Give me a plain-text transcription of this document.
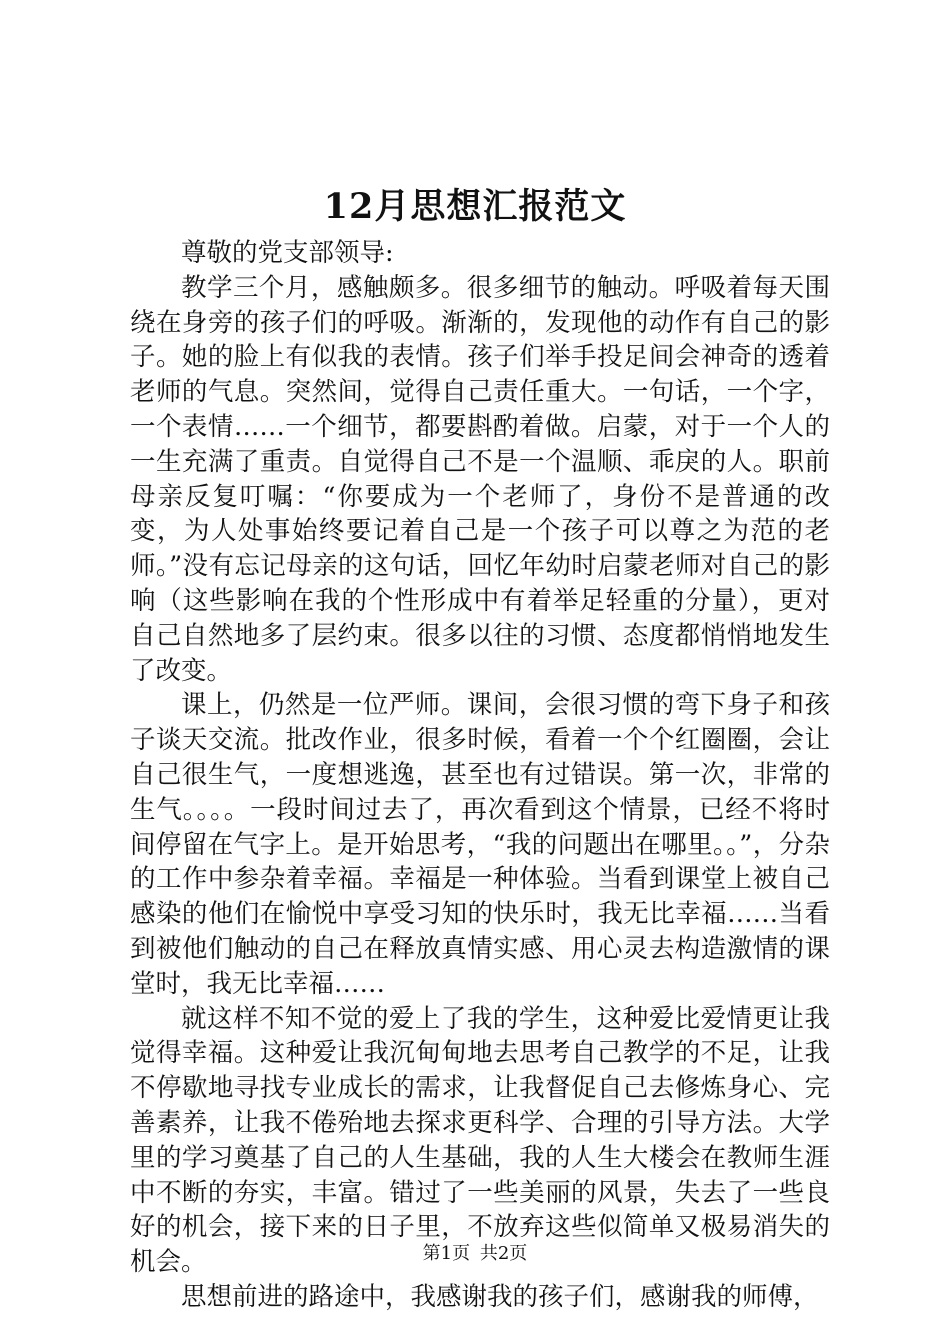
12月思想汇报范文

尊敬的党支部领导:

教学三个月，感触颇多。很多细节的触动。呼吸着每天围绕在身旁的孩子们的呼吸。渐渐的，发现他的动作有自己的影子。她的脸上有似我的表情。孩子们举手投足间会神奇的透着老师的气息。突然间，觉得自己责任重大。一句话，一个字，一个表情……一个细节，都要斟酌着做。启蒙，对于一个人的一生充满了重责。自觉得自己不是一个温顺、乖戾的人。职前母亲反复叮嘱：“你要成为一个老师了，身份不是普通的改变，为人处事始终要记着自己是一个孩子可以尊之为范的老师。”没有忘记母亲的这句话，回忆年幼时启蒙老师对自己的影响（这些影响在我的个性形成中有着举足轻重的分量），更对自己自然地多了层约束。很多以往的习惯、态度都悄悄地发生了改变。

课上，仍然是一位严师。课间，会很习惯的弯下身子和孩子谈天交流。批改作业，很多时候，看着一个个红圈圈，会让自己很生气，一度想逃逸，甚至也有过错误。第一次，非常的生气。。。。一段时间过去了，再次看到这个情景，已经不将时间停留在气字上。是开始思考，“我的问题出在哪里。。”，分杂的工作中参杂着幸福。幸福是一种体验。当看到课堂上被自己感染的他们在愉悦中享受习知的快乐时，我无比幸福……当看到被他们触动的自己在释放真情实感、用心灵去构造激情的课堂时，我无比幸福……

就这样不知不觉的爱上了我的学生，这种爱比爱情更让我觉得幸福。这种爱让我沉甸甸地去思考自己教学的不足，让我不停歇地寻找专业成长的需求，让我督促自己去修炼身心、完善素养，让我不倦殆地去探求更科学、合理的引导方法。大学里的学习奠基了自己的人生基础，我的人生大楼会在教师生涯中不断的夯实，丰富。错过了一些美丽的风景，失去了一些良好的机会，接下来的日子里，不放弃这些似简单又极易消失的机会。

思想前进的路途中，我感谢我的孩子们，感谢我的师傅，

第1页 共2页
